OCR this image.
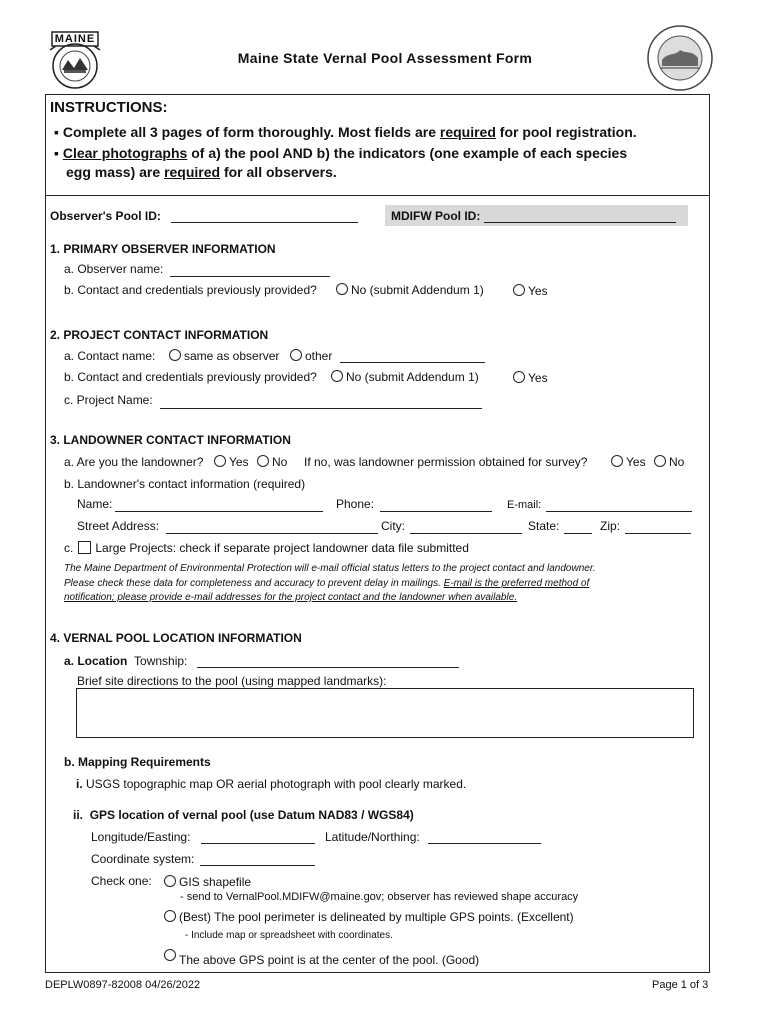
MAINE
Maine State Vernal Pool Assessment Form
INSTRUCTIONS:
▪ Complete all 3 pages of form thoroughly. Most fields are required for pool registration.
▪ Clear photographs of a) the pool AND b) the indicators (one example of each species
egg mass) are required for all observers.
Observer's Pool ID:	MDIFW Pool ID:
1. PRIMARY OBSERVER INFORMATION
a. Observer name:
b. Contact and credentials previously provided?	No (submit Addendum 1)	Yes
2. PROJECT CONTACT INFORMATION
a. Contact name:	same as observer	other
b. Contact and credentials previously provided?	No (submit Addendum 1)	Yes
c. Project Name:
3. LANDOWNER CONTACT INFORMATION
a. Are you the landowner?	Yes	No If no, was landowner permission obtained for survey?	Yes	No
b. Landowner's contact information (required)
Name:	Phone:	E-mail:
Street Address:	City:	State:	Zip:
c. Large Projects: check if separate project landowner data file submitted
The Maine Department of Environmental Protection will e-mail official status letters to the project contact and landowner.
Please check these data for completeness and accuracy to prevent delay in mailings. E-mail is the preferred method of
notification; please provide e-mail addresses for the project contact and the landowner when available.
4. VERNAL POOL LOCATION INFORMATION
a. Location Township:
Brief site directions to the pool (using mapped landmarks):
b. Mapping Requirements
i. USGS topographic map OR aerial photograph with pool clearly marked.
ii. GPS location of vernal pool (use Datum NAD83 / WGS84)
Longitude/Easting:	Latitude/Northing:
Coordinate system:
Check one:	GIS shapefile
- send to VernalPool.MDIFW@maine.gov; observer has reviewed shape accuracy
(Best) The pool perimeter is delineated by multiple GPS points. (Excellent)
- Include map or spreadsheet with coordinates.
The above GPS point is at the center of the pool. (Good)
DEPLW0897-82008 04/26/2022	Page 1 of 3
